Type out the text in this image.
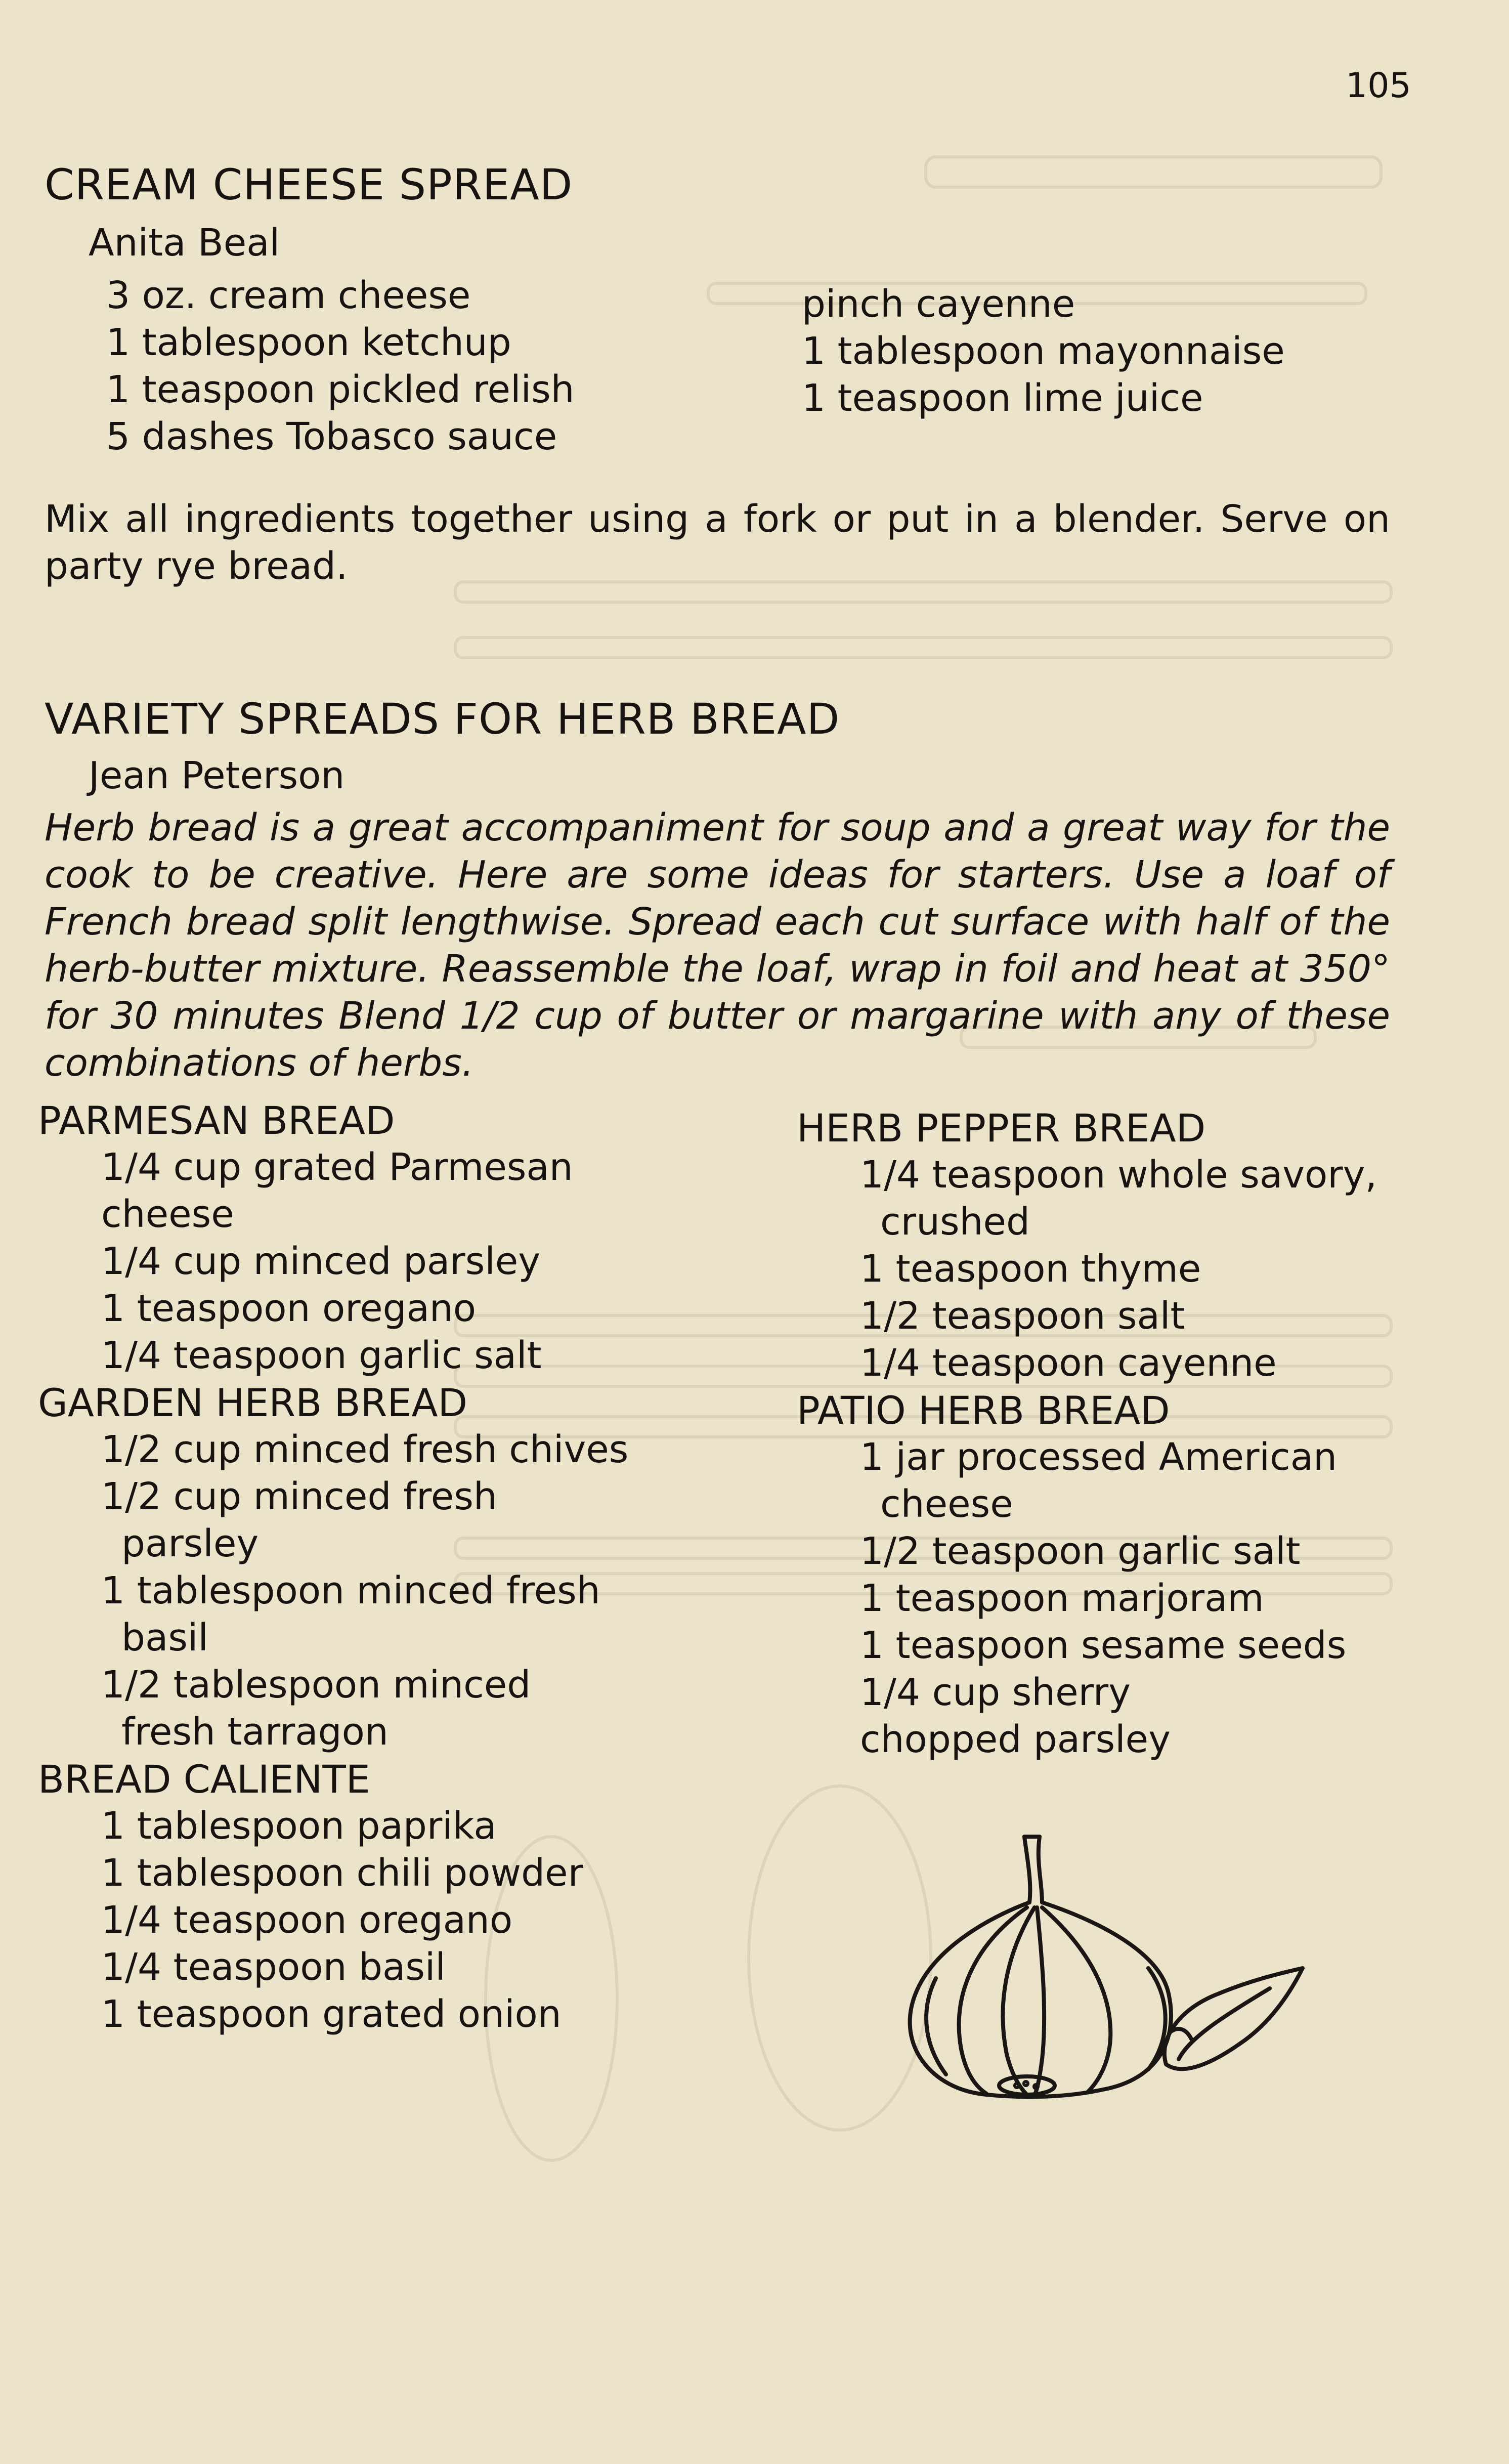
105
CREAM CHEESE SPREAD
Anita Beal
3 oz. cream cheese
1 tablespoon ketchup
1 teaspoon pickled relish
5 dashes Tobasco sauce
pinch cayenne
1 tablespoon mayonnaise
1 teaspoon lime juice
Mix all ingredients together using a fork or put in a blender. Serve on party rye bread.
VARIETY SPREADS FOR HERB BREAD
Jean Peterson
Herb bread is a great accompaniment for soup and a great way for the cook to be creative. Here are some ideas for starters. Use a loaf of French bread split lengthwise. Spread each cut surface with half of the herb-butter mixture. Reassemble the loaf, wrap in foil and heat at 350° for 30 minutes Blend 1/2 cup of butter or margarine with any of these combinations of herbs.
PARMESAN BREAD
1/4 cup grated Parmesan
cheese
1/4 cup minced parsley
1 teaspoon oregano
1/4 teaspoon garlic salt
GARDEN HERB BREAD
1/2 cup minced fresh chives
1/2 cup minced fresh
parsley
1 tablespoon minced fresh
basil
1/2 tablespoon minced
fresh tarragon
BREAD CALIENTE
1 tablespoon paprika
1 tablespoon chili powder
1/4 teaspoon oregano
1/4 teaspoon basil
1 teaspoon grated onion
HERB PEPPER BREAD
1/4 teaspoon whole savory,
crushed
1 teaspoon thyme
1/2 teaspoon salt
1/4 teaspoon cayenne
PATIO HERB BREAD
1 jar processed American
cheese
1/2 teaspoon garlic salt
1 teaspoon marjoram
1 teaspoon sesame seeds
1/4 cup sherry
chopped parsley
